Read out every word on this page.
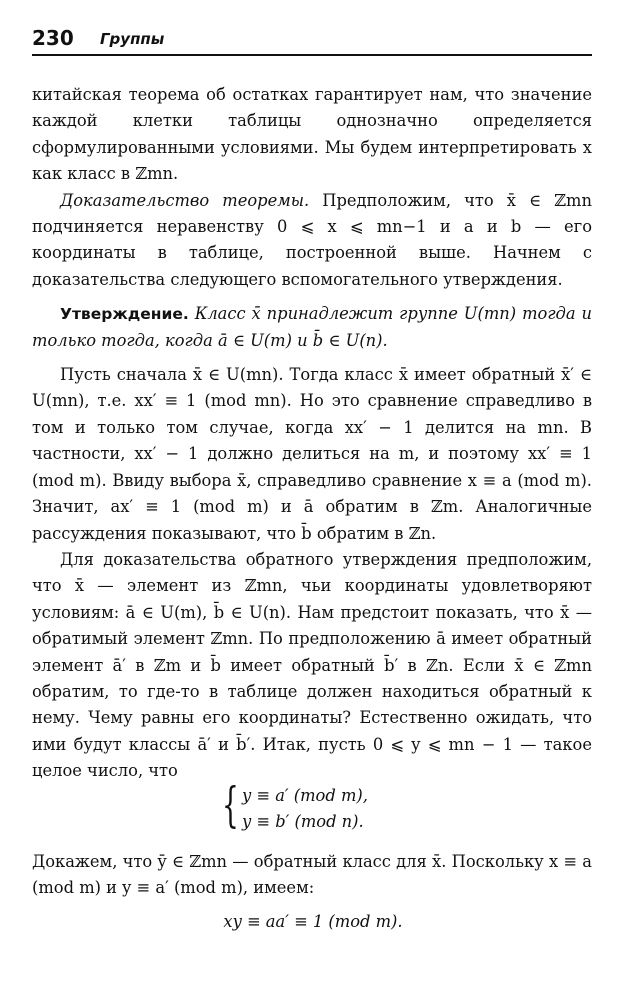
230 Группы

китайская теорема об остатках гарантирует нам, что значение каждой клетки таблицы однозначно определяется сформулированными условиями. Мы будем интерпретировать x как класс в ℤmn.

Доказательство теоремы. Предположим, что x̄ ∈ ℤmn подчиняется неравенству 0 ⩽ x ⩽ mn−1 и a и b — его координаты в таблице, построенной выше. Начнем с доказательства следующего вспомогательного утверждения.

Утверждение. Класс x̄ принадлежит группе U(mn) тогда и только тогда, когда ā ∈ U(m) и b̄ ∈ U(n).

Пусть сначала x̄ ∈ U(mn). Тогда класс x̄ имеет обратный x̄′ ∈ U(mn), т.е. xx′ ≡ 1 (mod mn). Но это сравнение справедливо в том и только том случае, когда xx′ − 1 делится на mn. В частности, xx′ − 1 должно делиться на m, и поэтому xx′ ≡ 1 (mod m). Ввиду выбора x̄, справедливо сравнение x ≡ a (mod m). Значит, ax′ ≡ 1 (mod m) и ā обратим в ℤm. Аналогичные рассуждения показывают, что b̄ обратим в ℤn.

Для доказательства обратного утверждения предположим, что x̄ — элемент из ℤmn, чьи координаты удовлетворяют условиям: ā ∈ U(m), b̄ ∈ U(n). Нам предстоит показать, что x̄ — обратимый элемент ℤmn. По предположению ā имеет обратный элемент ā′ в ℤm и b̄ имеет обратный b̄′ в ℤn. Если x̄ ∈ ℤmn обратим, то где-то в таблице должен находиться обратный к нему. Чему равны его координаты? Естественно ожидать, что ими будут классы ā′ и b̄′. Итак, пусть 0 ⩽ y ⩽ mn − 1 — такое целое число, что

{ y ≡ a′ (mod m),
y ≡ b′ (mod n).

Докажем, что ȳ ∈ ℤmn — обратный класс для x̄. Поскольку x ≡ a (mod m) и y ≡ a′ (mod m), имеем:

xy ≡ aa′ ≡ 1 (mod m).
